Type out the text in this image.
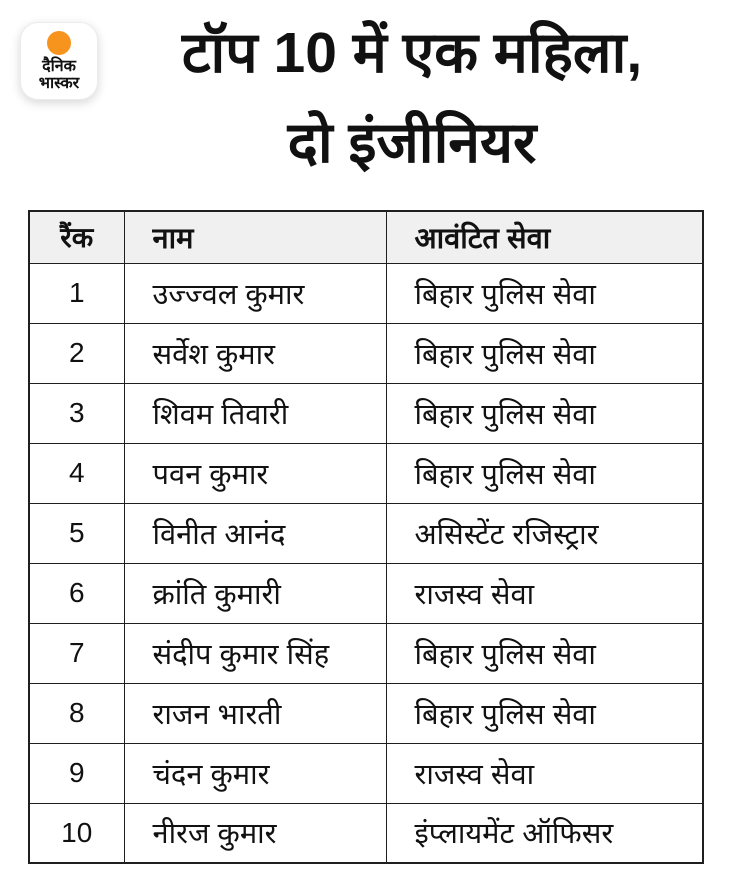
दैनिक
भास्कर	टॉप 10 में एक महिला,
दो इंजीनियर
रैंक	नाम	आवंटित सेवा
1	उज्ज्वल कुमार	बिहार पुलिस सेवा
2	सर्वेश कुमार	बिहार पुलिस सेवा
3	शिवम तिवारी	बिहार पुलिस सेवा
4	पवन कुमार	बिहार पुलिस सेवा
5	विनीत आनंद	असिस्टेंट रजिस्ट्रार
6	क्रांति कुमारी	राजस्व सेवा
7	संदीप कुमार सिंह	बिहार पुलिस सेवा
8	राजन भारती	बिहार पुलिस सेवा
9	चंदन कुमार	राजस्व सेवा
10	नीरज कुमार	इंप्लायमेंट ऑफिसर
